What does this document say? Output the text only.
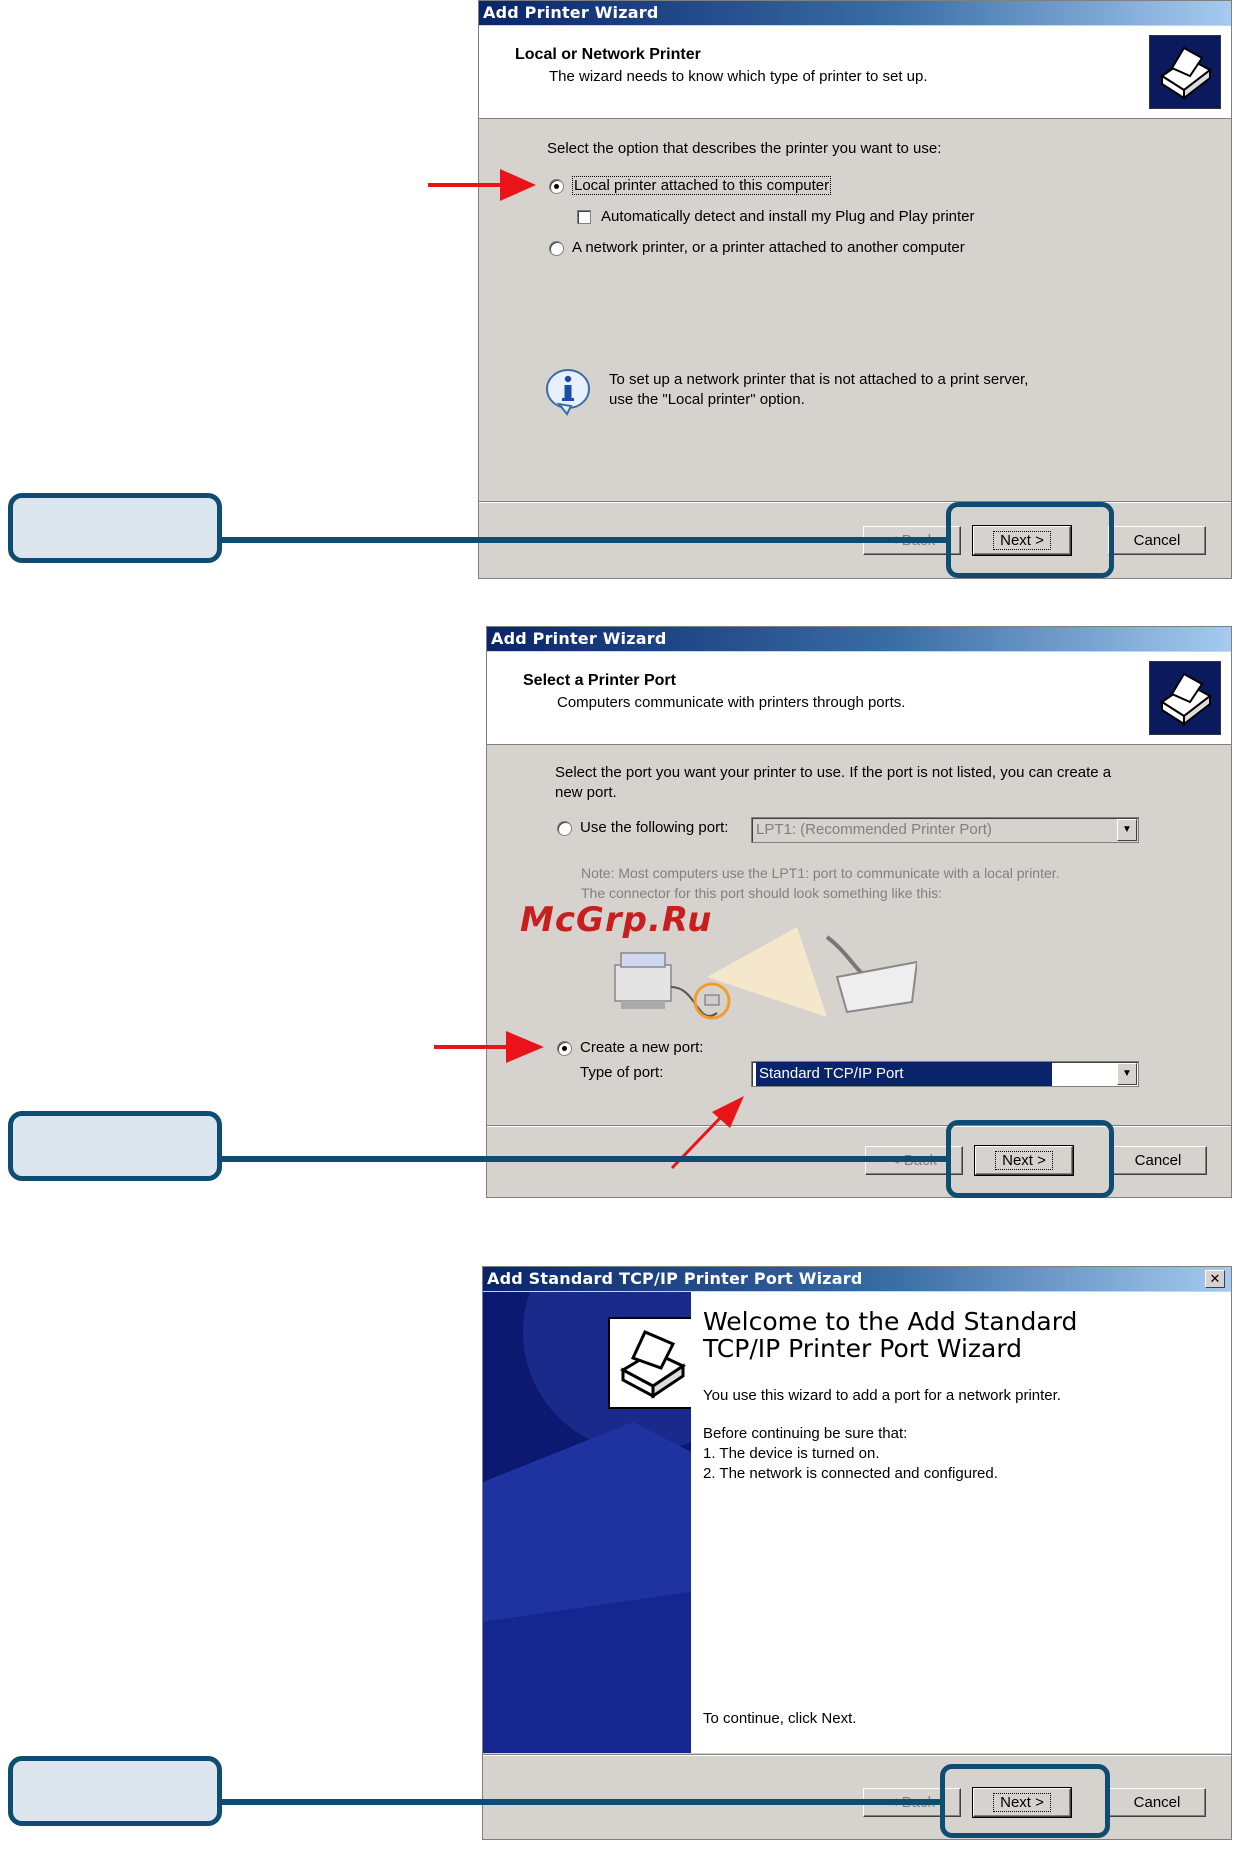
Add Printer Wizard
Local or Network Printer
The wizard needs to know which type of printer to set up.
Select the option that describes the printer you want to use:
Local printer attached to this computer
Automatically detect and install my Plug and Play printer
A network printer, or a printer attached to another computer
To set up a network printer that is not attached to a print server,
use the "Local printer" option.
Next >	Cancel
Add Printer Wizard
Select a Printer Port
Computers communicate with printers through ports.
Select the port you want your printer to use. If the port is not listed, you can create a
new port.
Use the following port:	LPT1: (Recommended Printer Port)	▼
Note: Most computers use the LPT1: port to communicate with a local printer.
The connector for this port should look something like this:
Create a new port:
Type of port:	Standard TCP/IP Port	▼
Next >	Cancel
McGrp.Ru
Add Standard TCP/IP Printer Port Wizard	✕
Welcome to the Add Standard
TCP/IP Printer Port Wizard
You use this wizard to add a port for a network printer.
Before continuing be sure that:
1. The device is turned on.
2. The network is connected and configured.
To continue, click Next.
Next >	Cancel
